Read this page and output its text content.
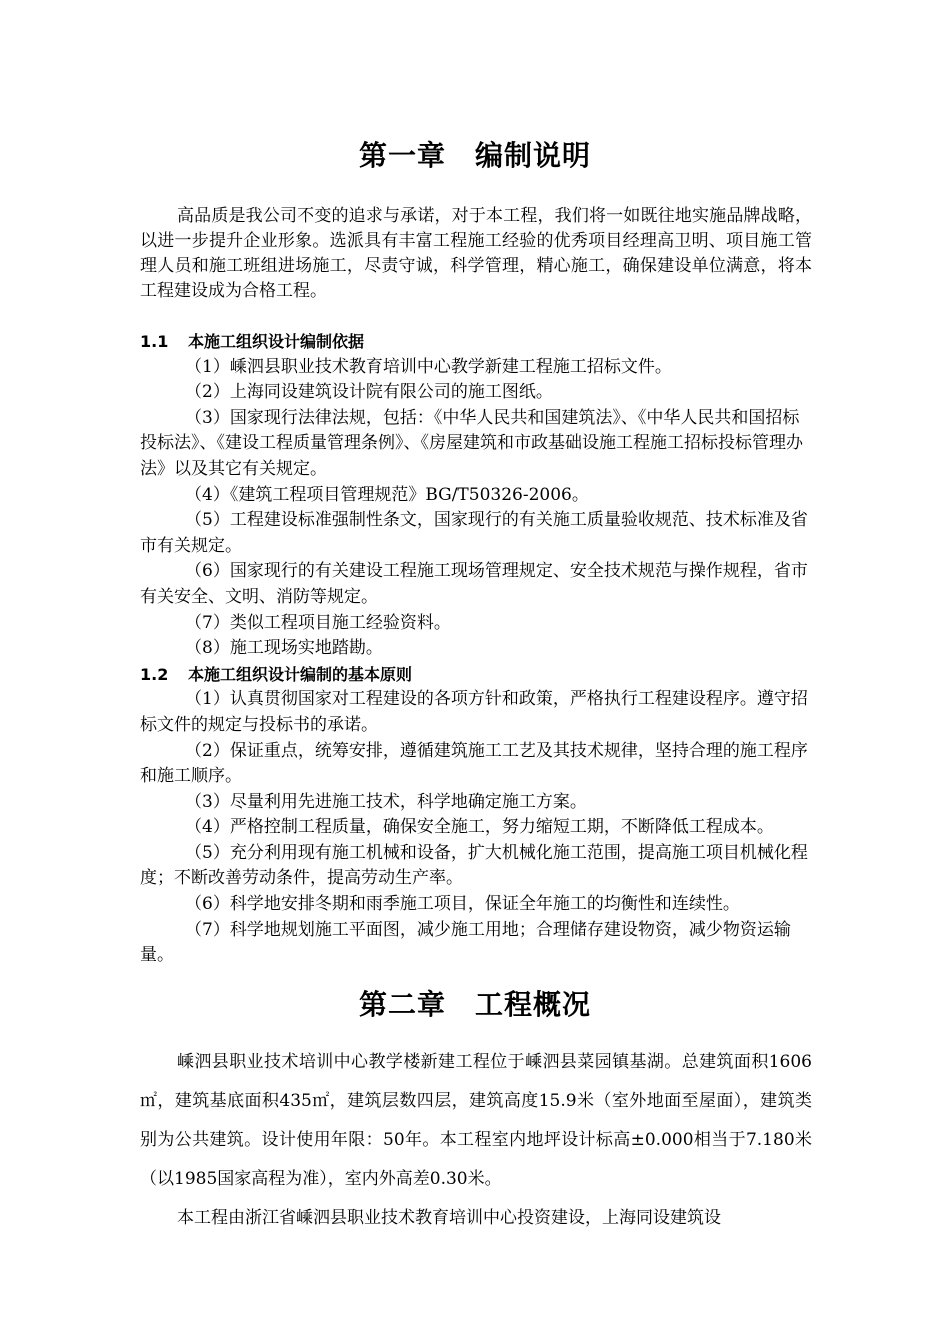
第一章　编制说明

高品质是我公司不变的追求与承诺，对于本工程，我们将一如既往地实施品牌战略，以进一步提升企业形象。选派具有丰富工程施工经验的优秀项目经理高卫明、项目施工管理人员和施工班组进场施工，尽责守诚，科学管理，精心施工，确保建设单位满意，将本工程建设成为合格工程。

1.1 本施工组织设计编制依据

（1）嵊泗县职业技术教育培训中心教学新建工程施工招标文件。

（2）上海同设建筑设计院有限公司的施工图纸。

（3）国家现行法律法规，包括：《中华人民共和国建筑法》、《中华人民共和国招标投标法》、《建设工程质量管理条例》、《房屋建筑和市政基础设施工程施工招标投标管理办法》以及其它有关规定。

（4）《建筑工程项目管理规范》BG/T50326-2006。

（5）工程建设标准强制性条文，国家现行的有关施工质量验收规范、技术标准及省市有关规定。

（6）国家现行的有关建设工程施工现场管理规定、安全技术规范与操作规程，省市有关安全、文明、消防等规定。

（7）类似工程项目施工经验资料。

（8）施工现场实地踏勘。

1.2 本施工组织设计编制的基本原则

（1）认真贯彻国家对工程建设的各项方针和政策，严格执行工程建设程序。遵守招标文件的规定与投标书的承诺。

（2）保证重点，统筹安排，遵循建筑施工工艺及其技术规律，坚持合理的施工程序和施工顺序。

（3）尽量利用先进施工技术，科学地确定施工方案。

（4）严格控制工程质量，确保安全施工，努力缩短工期，不断降低工程成本。

（5）充分利用现有施工机械和设备，扩大机械化施工范围，提高施工项目机械化程度；不断改善劳动条件，提高劳动生产率。

（6）科学地安排冬期和雨季施工项目，保证全年施工的均衡性和连续性。

（7）科学地规划施工平面图，减少施工用地；合理储存建设物资，减少物资运输量。

第二章　工程概况

嵊泗县职业技术培训中心教学楼新建工程位于嵊泗县菜园镇基湖。总建筑面积1606㎡，建筑基底面积435㎡，建筑层数四层，建筑高度15.9米（室外地面至屋面），建筑类别为公共建筑。设计使用年限：50年。本工程室内地坪设计标高±0.000相当于7.180米（以1985国家高程为准），室内外高差0.30米。

本工程由浙江省嵊泗县职业技术教育培训中心投资建设，上海同设建筑设
